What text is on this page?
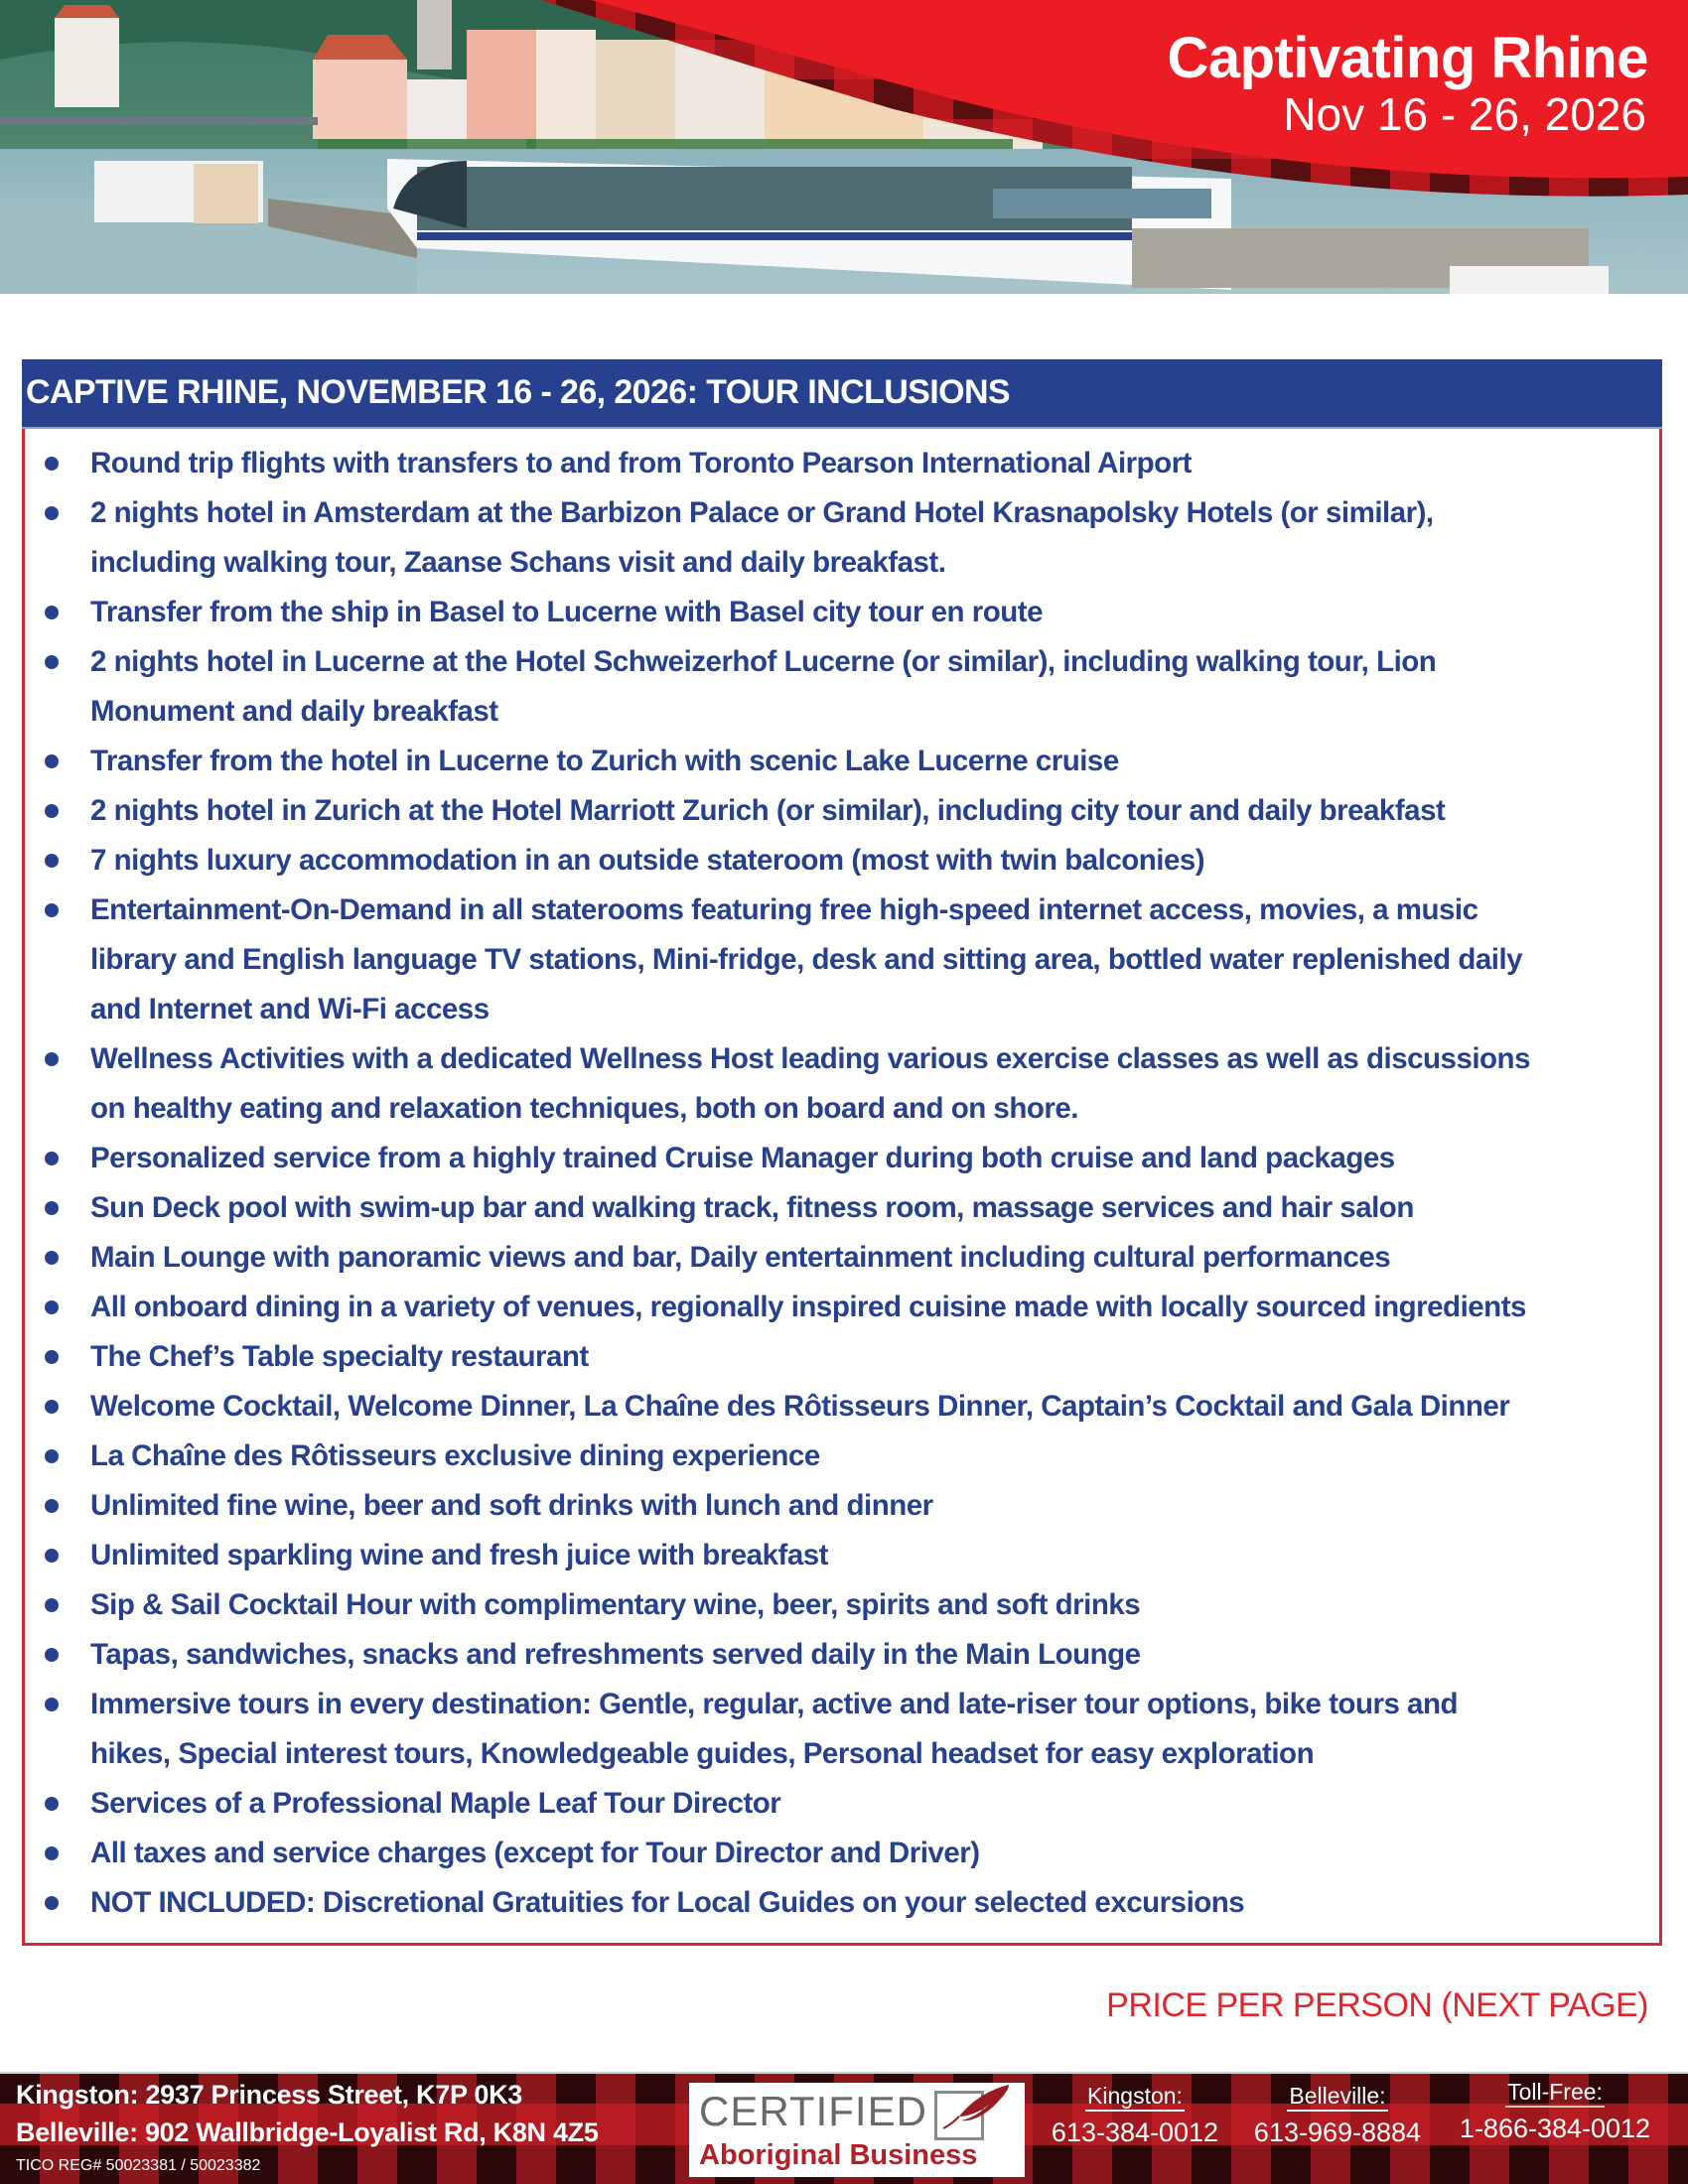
Captivating Rhine
Nov 16 - 26, 2026
CAPTIVE RHINE, NOVEMBER 16 - 26, 2026: TOUR INCLUSIONS
Round trip flights with transfers to and from Toronto Pearson International Airport
2 nights hotel in Amsterdam at the Barbizon Palace or Grand Hotel Krasnapolsky Hotels (or similar),
including walking tour, Zaanse Schans visit and daily breakfast.
Transfer from the ship in Basel to Lucerne with Basel city tour en route
2 nights hotel in Lucerne at the Hotel Schweizerhof Lucerne (or similar), including walking tour, Lion
Monument and daily breakfast
Transfer from the hotel in Lucerne to Zurich with scenic Lake Lucerne cruise
2 nights hotel in Zurich at the Hotel Marriott Zurich (or similar), including city tour and daily breakfast
7 nights luxury accommodation in an outside stateroom (most with twin balconies)
Entertainment-On-Demand in all staterooms featuring free high-speed internet access, movies, a music
library and English language TV stations, Mini-fridge, desk and sitting area, bottled water replenished daily
and Internet and Wi-Fi access
Wellness Activities with a dedicated Wellness Host leading various exercise classes as well as discussions
on healthy eating and relaxation techniques, both on board and on shore.
Personalized service from a highly trained Cruise Manager during both cruise and land packages
Sun Deck pool with swim-up bar and walking track, fitness room, massage services and hair salon
Main Lounge with panoramic views and bar, Daily entertainment including cultural performances
All onboard dining in a variety of venues, regionally inspired cuisine made with locally sourced ingredients
The Chef’s Table specialty restaurant
Welcome Cocktail, Welcome Dinner, La Chaîne des Rôtisseurs Dinner, Captain’s Cocktail and Gala Dinner
La Chaîne des Rôtisseurs exclusive dining experience
Unlimited fine wine, beer and soft drinks with lunch and dinner
Unlimited sparkling wine and fresh juice with breakfast
Sip & Sail Cocktail Hour with complimentary wine, beer, spirits and soft drinks
Tapas, sandwiches, snacks and refreshments served daily in the Main Lounge
Immersive tours in every destination: Gentle, regular, active and late-riser tour options, bike tours and
hikes, Special interest tours, Knowledgeable guides, Personal headset for easy exploration
Services of a Professional Maple Leaf Tour Director
All taxes and service charges (except for Tour Director and Driver)
NOT INCLUDED: Discretional Gratuities for Local Guides on your selected excursions
PRICE PER PERSON (NEXT PAGE)
Kingston: 2937 Princess Street, K7P 0K3
Belleville: 902 Wallbridge-Loyalist Rd, K8N 4Z5
TICO REG# 50023381 / 50023382
CERTIFIED
Aboriginal Business
Kingston:
613-384-0012
Belleville:
613-969-8884
Toll-Free:
1-866-384-0012
